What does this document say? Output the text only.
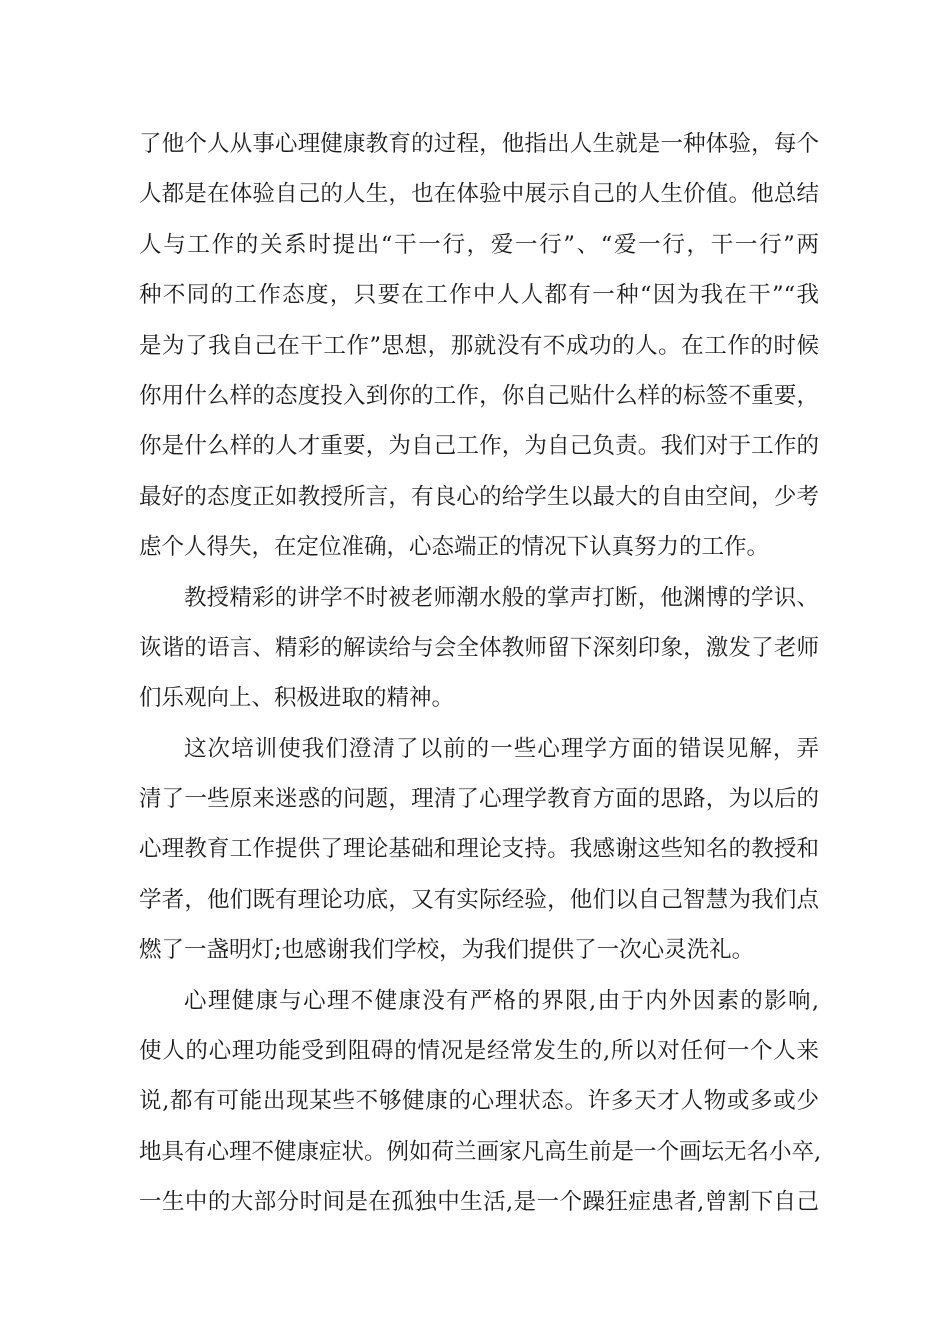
了他个人从事心理健康教育的过程，他指出人生就是一种体验，每个
人都是在体验自己的人生，也在体验中展示自己的人生价值。他总结
人与工作的关系时提出“干一行，爱一行”、“爱一行，干一行”两
种不同的工作态度，只要在工作中人人都有一种“因为我在干”“我
是为了我自己在干工作”思想，那就没有不成功的人。在工作的时候
你用什么样的态度投入到你的工作，你自己贴什么样的标签不重要，
你是什么样的人才重要，为自己工作，为自己负责。我们对于工作的
最好的态度正如教授所言，有良心的给学生以最大的自由空间，少考
虑个人得失，在定位准确，心态端正的情况下认真努力的工作。
教授精彩的讲学不时被老师潮水般的掌声打断，他渊博的学识、
诙谐的语言、精彩的解读给与会全体教师留下深刻印象，激发了老师
们乐观向上、积极进取的精神。
这次培训使我们澄清了以前的一些心理学方面的错误见解，弄
清了一些原来迷惑的问题，理清了心理学教育方面的思路，为以后的
心理教育工作提供了理论基础和理论支持。我感谢这些知名的教授和
学者，他们既有理论功底，又有实际经验，他们以自己智慧为我们点
燃了一盏明灯;也感谢我们学校，为我们提供了一次心灵洗礼。
心理健康与心理不健康没有严格的界限,由于内外因素的影响,
使人的心理功能受到阻碍的情况是经常发生的,所以对任何一个人来
说,都有可能出现某些不够健康的心理状态。许多天才人物或多或少
地具有心理不健康症状。例如荷兰画家凡高生前是一个画坛无名小卒,
一生中的大部分时间是在孤独中生活,是一个躁狂症患者,曾割下自己
